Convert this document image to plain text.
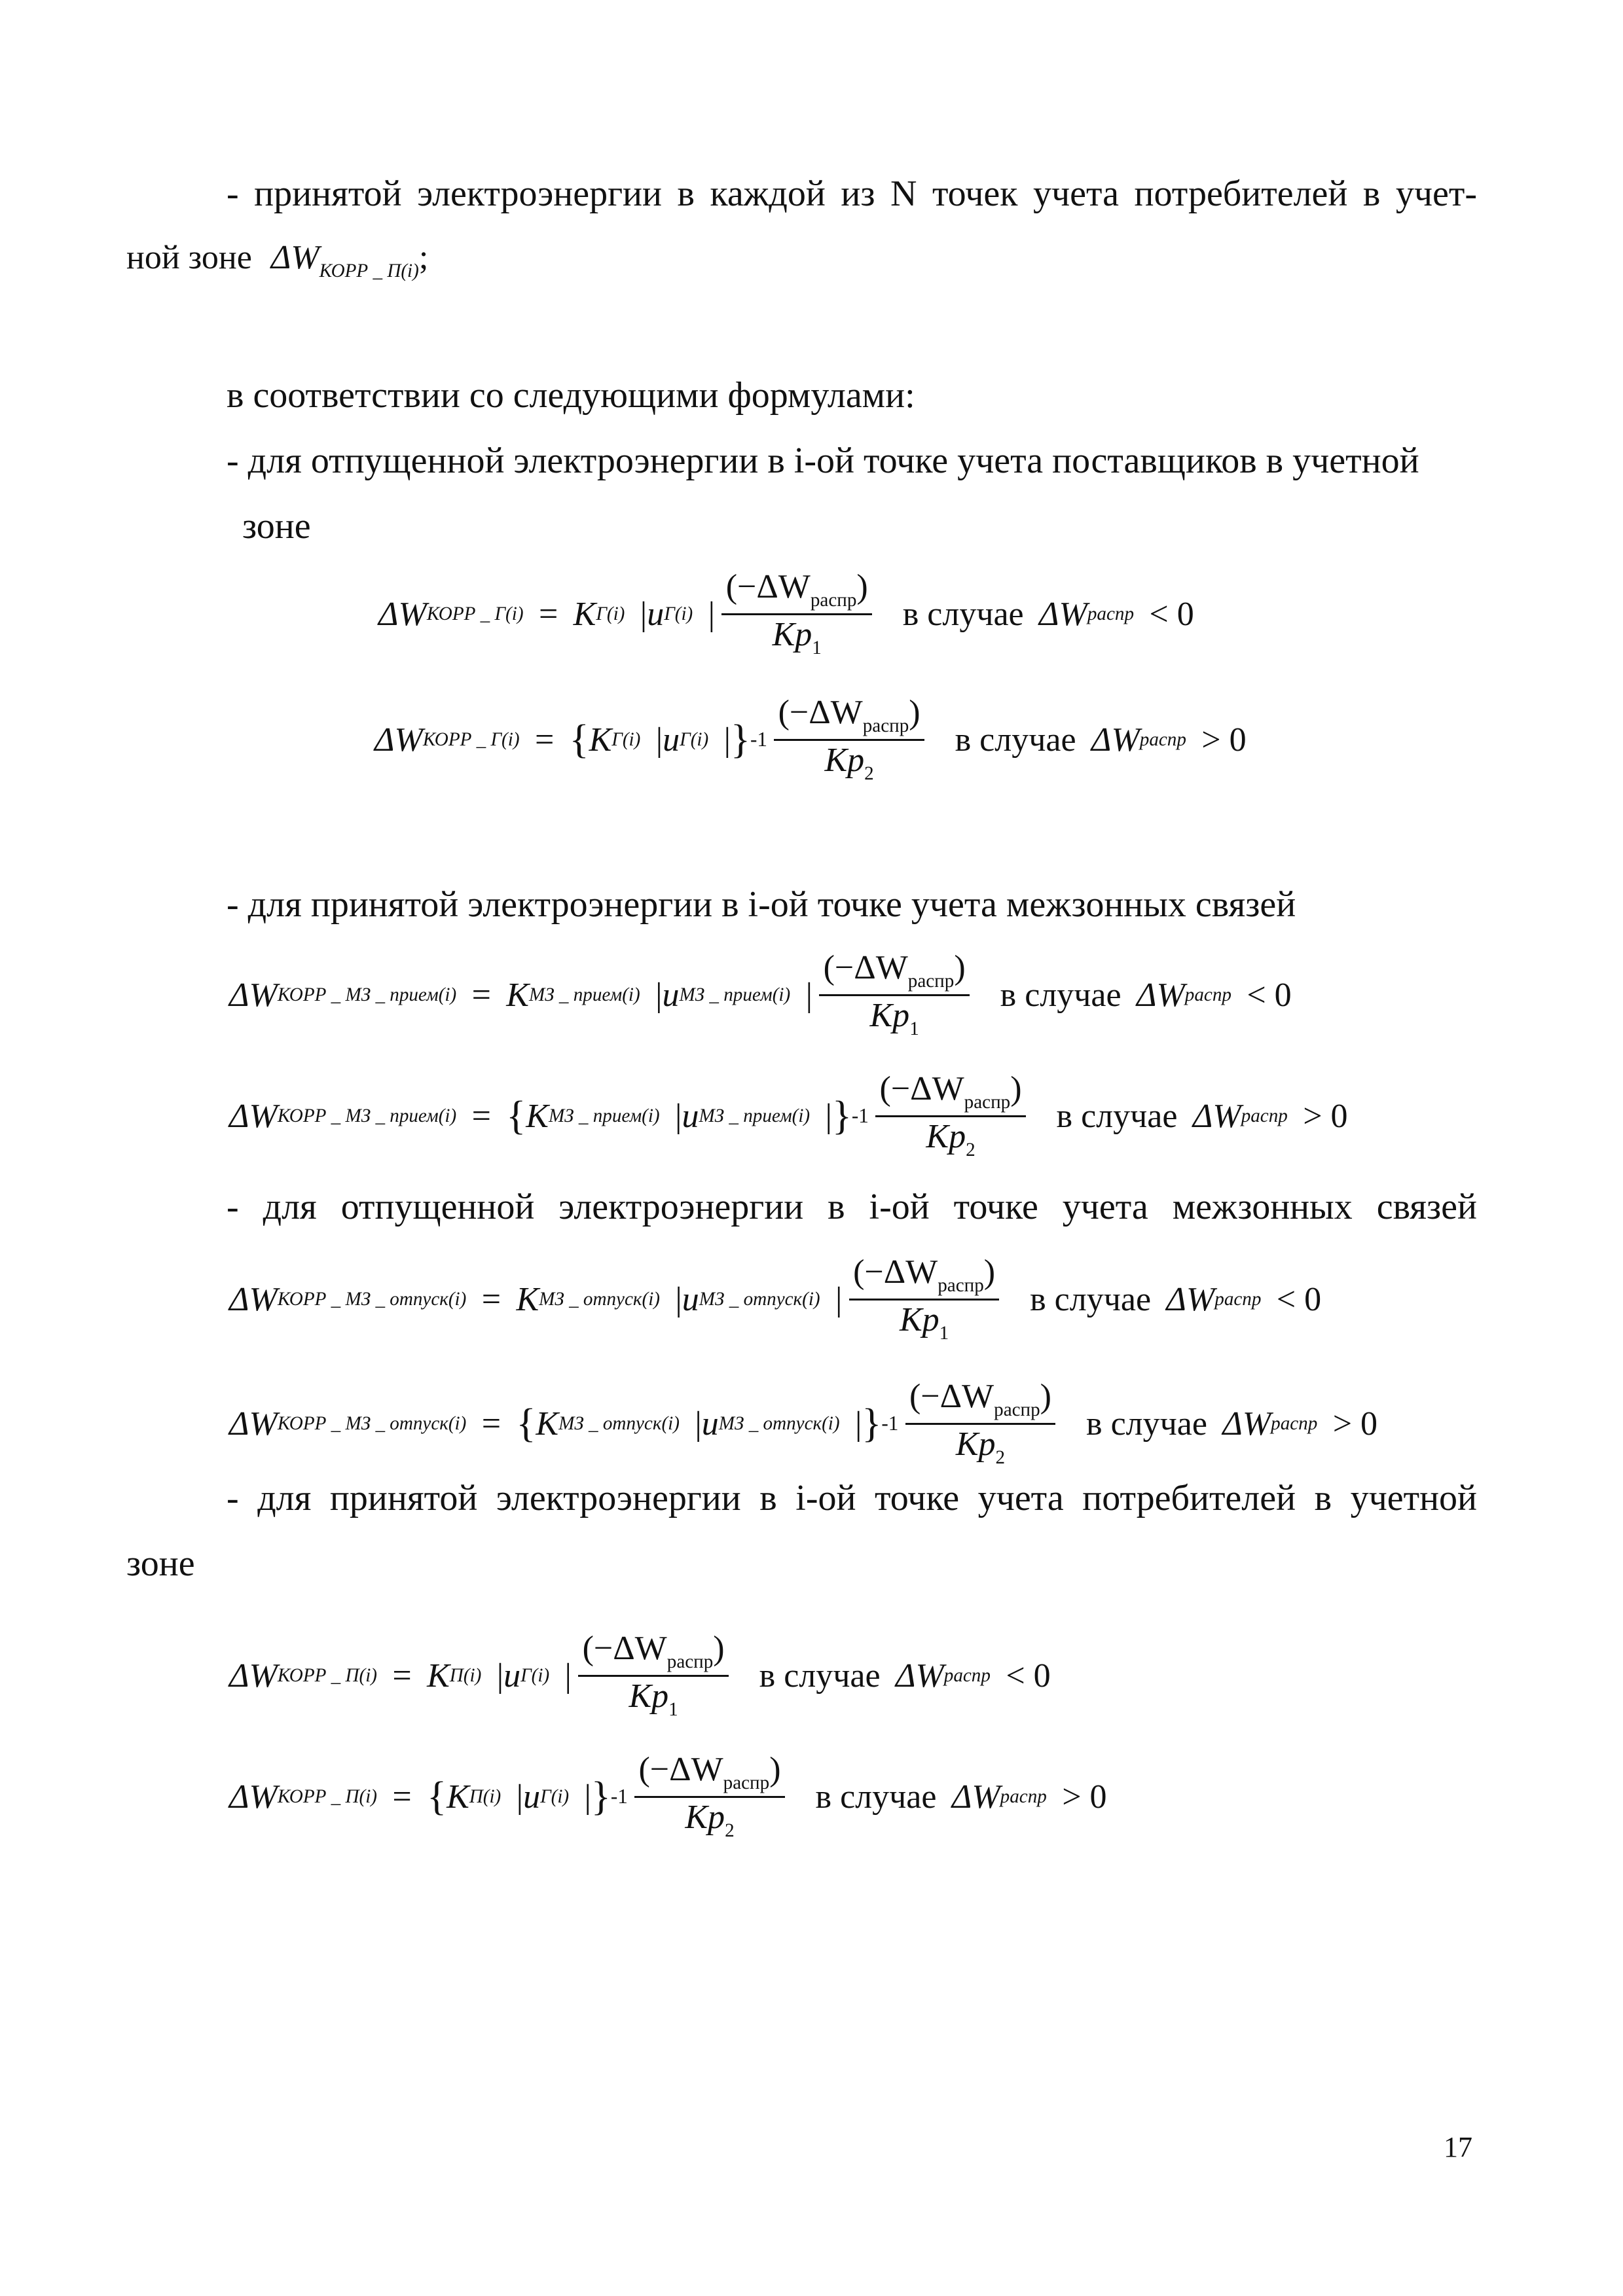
- принятой электроэнергии в каждой из N точек учета потребителей в учет-
ной зоне $\Delta W_{КОРР \_ П(i)}$;
в соответствии со следующими формулами:
- для отпущенной электроэнергии в i-ой точке учета поставщиков в учетной
зоне
ΔW КОРР _ Г(i) = K Г(i) | u Г(i) | $\frac{(-\Delta W_{распр})}{Kp_1}$ в случае ΔW распр < 0
ΔW КОРР _ Г(i) = { K Г(i) | u Г(i) | } $-1 \frac{(-\Delta W_{распр})}{Kp_2}$ в случае ΔW распр > 0
- для принятой электроэнергии в i-ой точке учета межзонных связей
ΔW КОРР _ МЗ _ прием(i) = K МЗ _ прием(i) | u МЗ _ прием(i) | $\frac{(-\Delta W_{распр})}{Kp_1}$ в случае ΔW распр < 0
ΔW КОРР _ МЗ _ прием(i) = { K МЗ _ прием(i) | u МЗ _ прием(i) | } $-1 \frac{(-\Delta W_{распр})}{Kp_2}$ в случае ΔW распр > 0
- для отпущенной электроэнергии в i-ой точке учета межзонных связей
ΔW КОРР _ МЗ _ отпуск(i) = K МЗ _ отпуск(i) | u МЗ _ отпуск(i) | $\frac{(-\Delta W_{распр})}{Kp_1}$ в случае ΔW распр < 0
ΔW КОРР _ МЗ _ отпуск(i) = { K МЗ _ отпуск(i) | u МЗ _ отпуск(i) | } $-1 \frac{(-\Delta W_{распр})}{Kp_2}$ в случае ΔW распр > 0
- для принятой электроэнергии в i-ой точке учета потребителей в учетной
зоне
ΔW КОРР _ П(i) = K П(i) | u Г(i) | $\frac{(-\Delta W_{распр})}{Kp_1}$ в случае ΔW распр < 0
ΔW КОРР _ П(i) = { K П(i) | u Г(i) | } $-1 \frac{(-\Delta W_{распр})}{Kp_2}$ в случае ΔW распр > 0
17
